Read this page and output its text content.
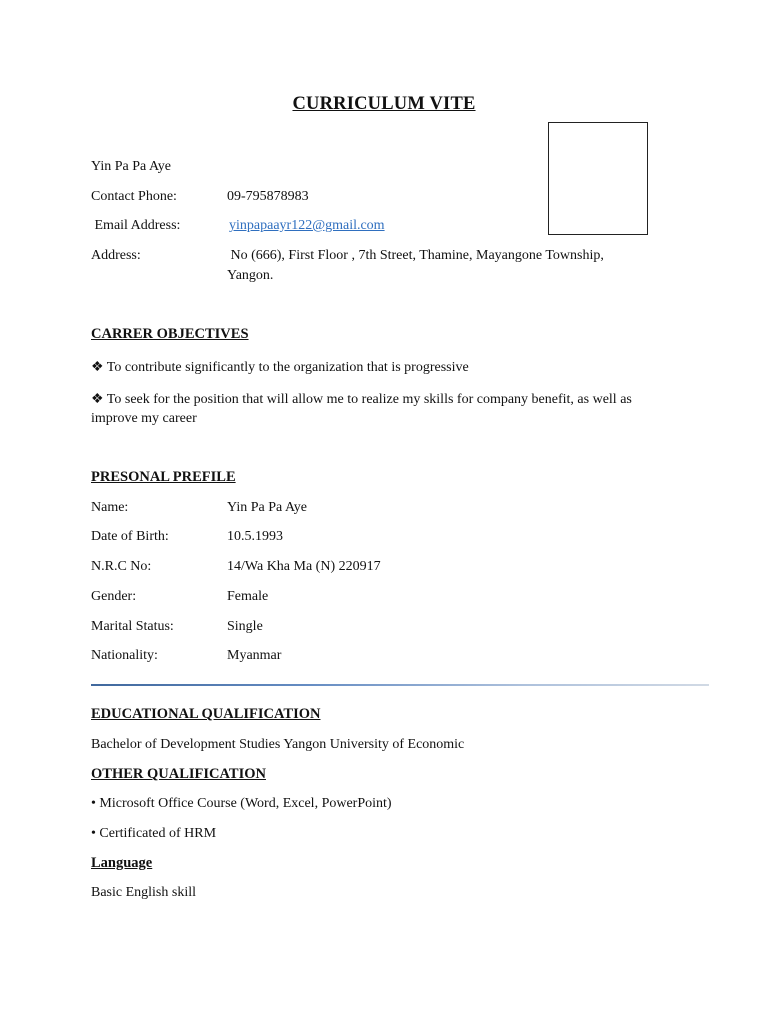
CURRICULUM VITE
Yin Pa Pa Aye
Contact Phone:	09-795878983
Email Address:	yinpapaayr122@gmail.com
Address:	No (666), First Floor , 7th Street, Thamine, Mayangone Township,
Yangon.
CARRER OBJECTIVES
❖ To contribute significantly to the organization that is progressive
❖ To seek for the position that will allow me to realize my skills for company benefit, as well as
improve my career
PRESONAL PREFILE
Name:	Yin Pa Pa Aye
Date of Birth:	10.5.1993
N.R.C No:	14/Wa Kha Ma (N) 220917
Gender:	Female
Marital Status:	Single
Nationality:	Myanmar
EDUCATIONAL QUALIFICATION
Bachelor of Development Studies Yangon University of Economic
OTHER QUALIFICATION
• Microsoft Office Course (Word, Excel, PowerPoint)
• Certificated of HRM
Language
Basic English skill
